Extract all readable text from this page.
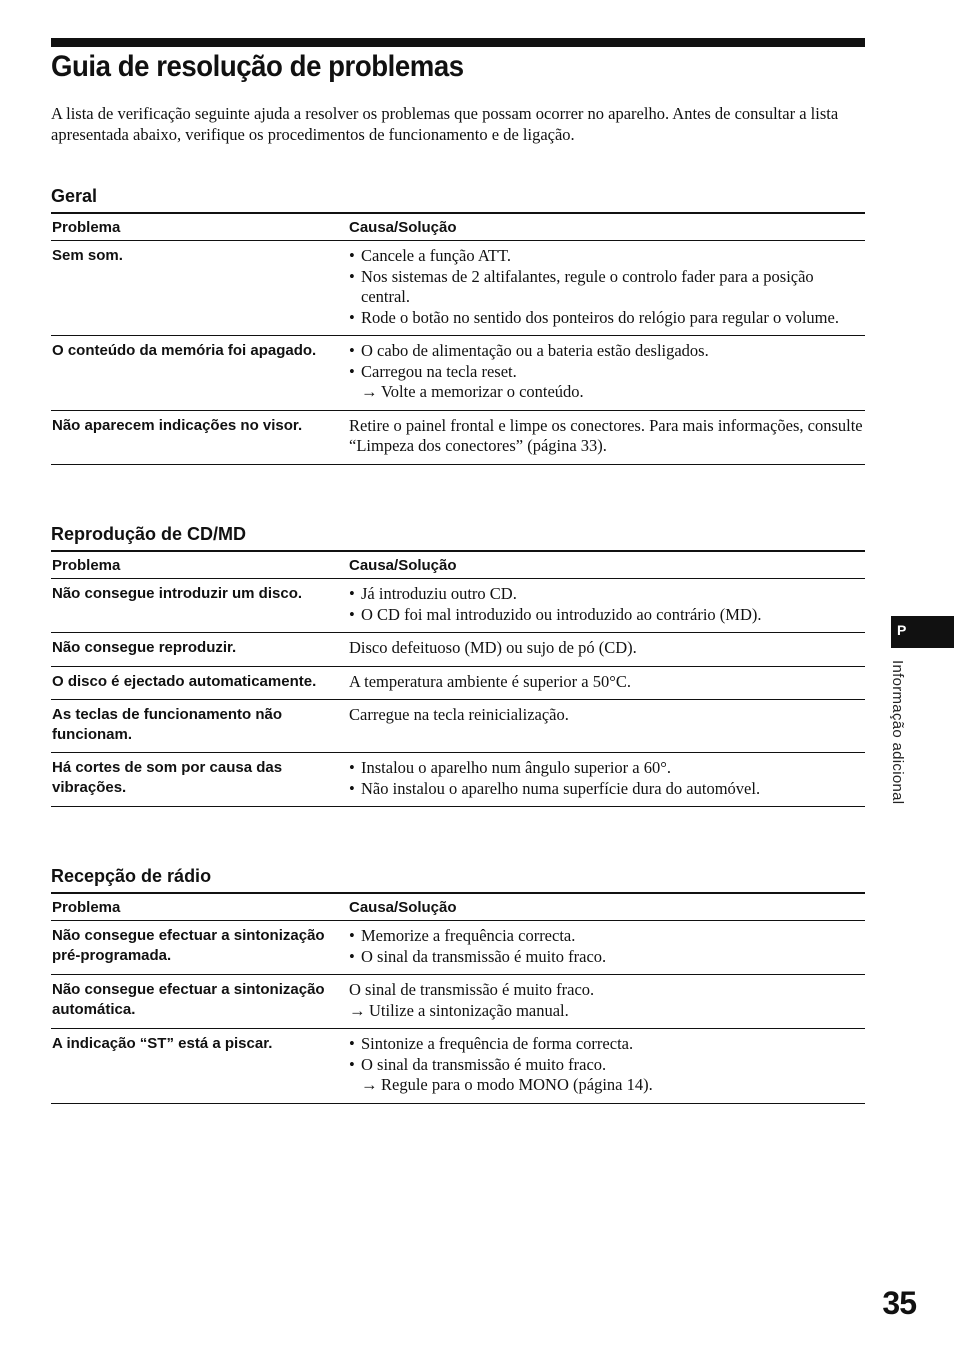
Guia de resolução de problemas

A lista de verificação seguinte ajuda a resolver os problemas que possam ocorrer no aparelho. Antes de consultar a lista apresentada abaixo, verifique os procedimentos de funcionamento e de ligação.

Geral
Problema	Causa/Solução
Sem som.	• Cancele a função ATT.
• Nos sistemas de 2 altifalantes, regule o controlo fader para a posição central.
• Rode o botão no sentido dos ponteiros do relógio para regular o volume.

O conteúdo da memória foi apagado.	• O cabo de alimentação ou a bateria estão desligados.
• Carregou na tecla reset.
→ Volte a memorizar o conteúdo.

Não aparecem indicações no visor.	Retire o painel frontal e limpe os conectores. Para mais informações, consulte “Limpeza dos conectores” (página 33).
Reprodução de CD/MD
Problema	Causa/Solução
Não consegue introduzir um disco.	• Já introduziu outro CD.
• O CD foi mal introduzido ou introduzido ao contrário (MD).

Não consegue reproduzir.	Disco defeituoso (MD) ou sujo de pó (CD).
O disco é ejectado automaticamente.	A temperatura ambiente é superior a 50°C.
As teclas de funcionamento não funcionam.	Carregue na tecla reinicialização.
Há cortes de som por causa das vibrações.	• Instalou o aparelho num ângulo superior a 60°.
• Não instalou o aparelho numa superfície dura do automóvel.
Recepção de rádio
Problema	Causa/Solução
Não consegue efectuar a sintonização pré-programada.	• Memorize a frequência correcta.
• O sinal da transmissão é muito fraco.

Não consegue efectuar a sintonização automática.	O sinal de transmissão é muito fraco.
→ Utilize a sintonização manual.

A indicação “ST” está a piscar.	• Sintonize a frequência de forma correcta.
• O sinal da transmissão é muito fraco.
→ Regule para o modo MONO (página 14).
P
Informação adicional
35
